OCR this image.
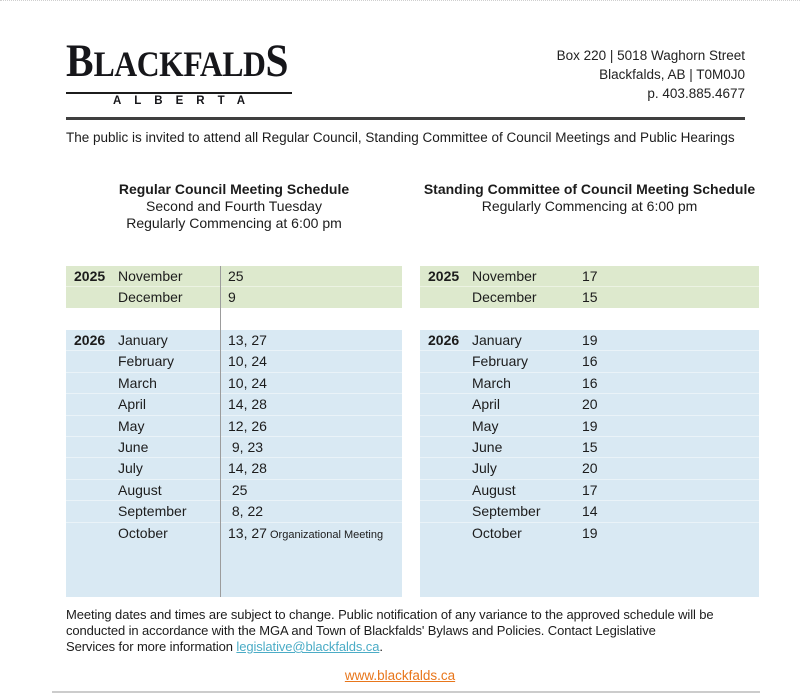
BLACKFALDS
ALBERTA
Box 220 | 5018 Waghorn Street
Blackfalds, AB | T0M0J0
p. 403.885.4677
The public is invited to attend all Regular Council, Standing Committee of Council Meetings and Public Hearings
Regular Council Meeting Schedule
Second and Fourth Tuesday
Regularly Commencing at 6:00 pm
2025 November	25
December	9
2026 January	13, 27
February	10, 24
March	10, 24
April	14, 28
May	12, 26
June	9, 23
July	14, 28
August	25
September	8, 22
October	13, 27 Organizational Meeting
Standing Committee of Council Meeting Schedule
Regularly Commencing at 6:00 pm
2025 November	17
December	15
2026 January	19
February	16
March	16
April	20
May	19
June	15
July	20
August	17
September	14
October	19
Meeting dates and times are subject to change. Public notification of any variance to the approved schedule will be
conducted in accordance with the MGA and Town of Blackfalds' Bylaws and Policies. Contact Legislative
Services for more information legislative@blackfalds.ca.
www.blackfalds.ca
